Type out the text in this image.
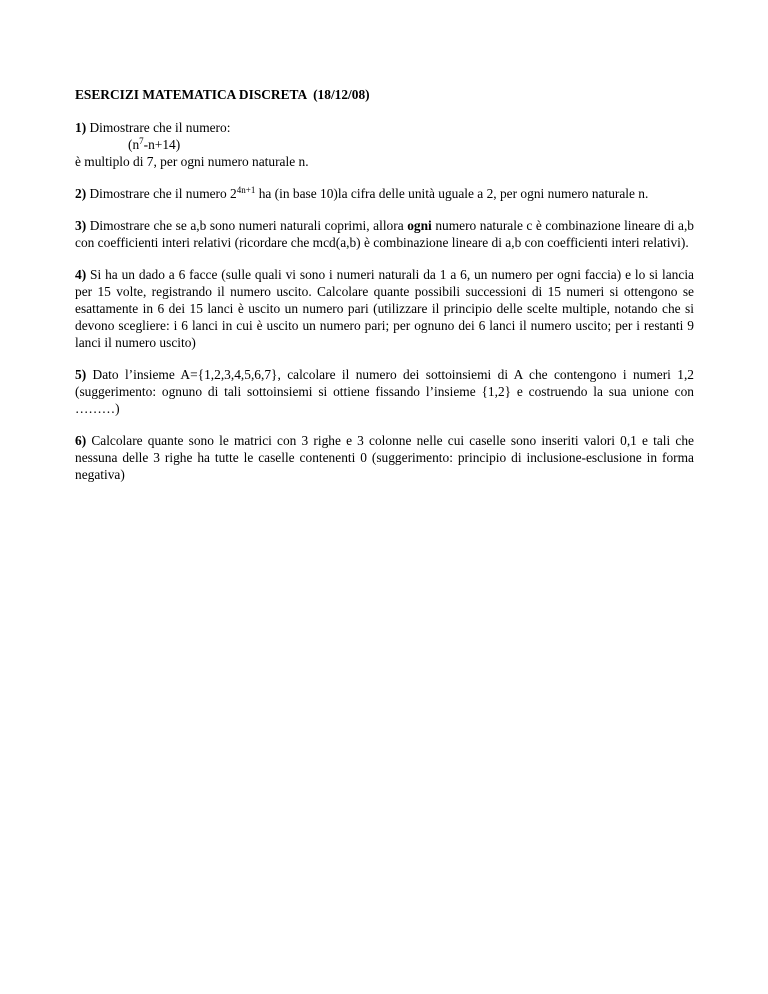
ESERCIZI MATEMATICA DISCRETA  (18/12/08)

1) Dimostrare che il numero:

$(n^7-n+14)$

è multiplo di 7, per ogni numero naturale n.

2) Dimostrare che il numero $2^{4n+1}$ ha (in base 10)la cifra delle unità uguale a 2, per ogni numero naturale n.

3) Dimostrare che se a,b sono numeri naturali coprimi, allora ogni numero naturale c è combinazione lineare di a,b con coefficienti interi relativi (ricordare che mcd(a,b) è combinazione lineare di a,b con coefficienti interi relativi).

4) Si ha un dado a 6 facce (sulle quali vi sono i numeri naturali da 1 a 6, un numero per ogni faccia) e lo si lancia per 15 volte, registrando il numero uscito. Calcolare quante possibili successioni di 15 numeri si ottengono se esattamente in 6 dei 15 lanci è uscito un numero pari (utilizzare il principio delle scelte multiple, notando che si devono scegliere: i 6 lanci in cui è uscito un numero pari; per ognuno dei 6 lanci il numero uscito; per i restanti 9 lanci il numero uscito)

5) Dato l’insieme A={1,2,3,4,5,6,7}, calcolare il numero dei sottoinsiemi di A che contengono i numeri 1,2 (suggerimento: ognuno di tali sottoinsiemi si ottiene fissando l’insieme {1,2} e costruendo la sua unione con ………)

6) Calcolare quante sono le matrici con 3 righe e 3 colonne nelle cui caselle sono inseriti valori 0,1 e tali che nessuna delle 3 righe ha tutte le caselle contenenti 0 (suggerimento: principio di inclusione-esclusione in forma negativa)
